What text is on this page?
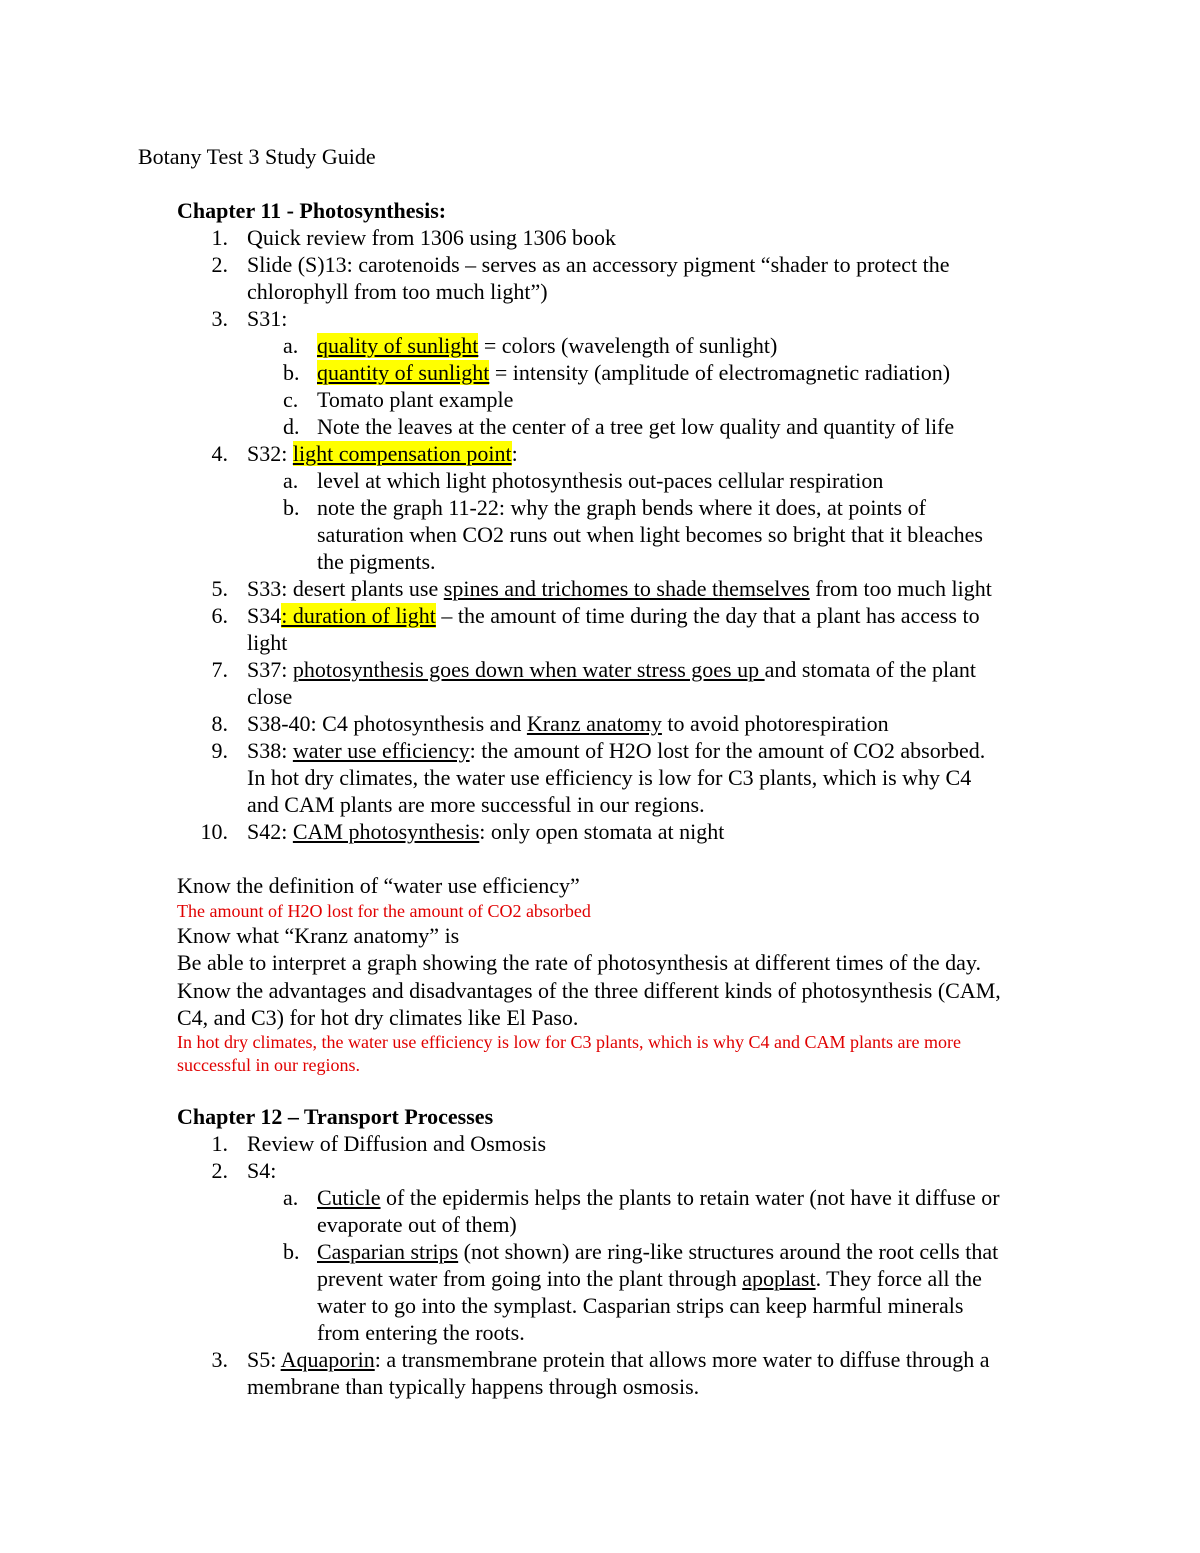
Botany Test 3 Study Guide
Chapter 11 - Photosynthesis:
1. Quick review from 1306 using 1306 book
2. Slide (S)13: carotenoids – serves as an accessory pigment “shader to protect the
chlorophyll from too much light”)
3. S31:
a. quality of sunlight = colors (wavelength of sunlight)
b. quantity of sunlight = intensity (amplitude of electromagnetic radiation)
c. Tomato plant example
d. Note the leaves at the center of a tree get low quality and quantity of life
4. S32: light compensation point:
a. level at which light photosynthesis out-paces cellular respiration
b. note the graph 11-22: why the graph bends where it does, at points of
saturation when CO2 runs out when light becomes so bright that it bleaches
the pigments.
5. S33: desert plants use spines and trichomes to shade themselves from too much light
6. S34: duration of light – the amount of time during the day that a plant has access to
light
7. S37: photosynthesis goes down when water stress goes up and stomata of the plant
close
8. S38-40: C4 photosynthesis and Kranz anatomy to avoid photorespiration
9. S38: water use efficiency: the amount of H2O lost for the amount of CO2 absorbed.
In hot dry climates, the water use efficiency is low for C3 plants, which is why C4
and CAM plants are more successful in our regions.
10. S42: CAM photosynthesis: only open stomata at night
Know the definition of “water use efficiency”
The amount of H2O lost for the amount of CO2 absorbed
Know what “Kranz anatomy” is
Be able to interpret a graph showing the rate of photosynthesis at different times of the day.
Know the advantages and disadvantages of the three different kinds of photosynthesis (CAM,
C4, and C3) for hot dry climates like El Paso.
In hot dry climates, the water use efficiency is low for C3 plants, which is why C4 and CAM plants are more
successful in our regions.
Chapter 12 – Transport Processes
1. Review of Diffusion and Osmosis
2. S4:
a. Cuticle of the epidermis helps the plants to retain water (not have it diffuse or
evaporate out of them)
b. Casparian strips (not shown) are ring-like structures around the root cells that
prevent water from going into the plant through apoplast. They force all the
water to go into the symplast. Casparian strips can keep harmful minerals
from entering the roots.
3. S5: Aquaporin: a transmembrane protein that allows more water to diffuse through a
membrane than typically happens through osmosis.
